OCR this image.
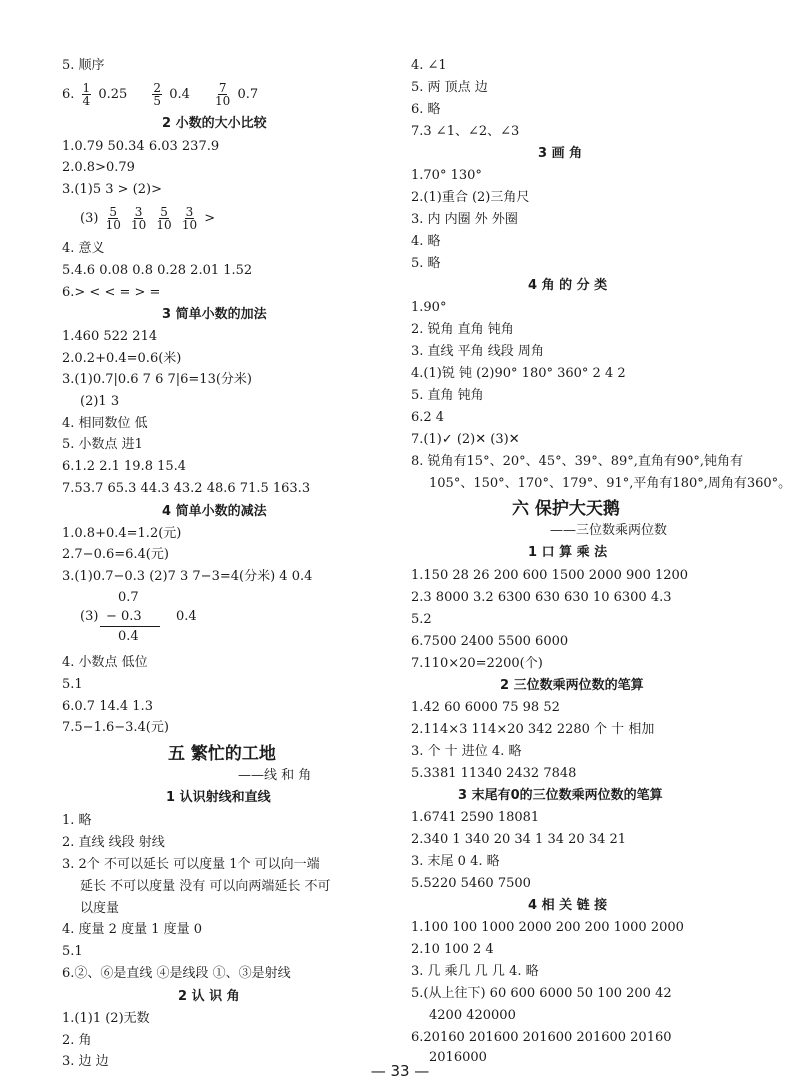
5. 顺序
6. $\frac{1}{4} 0.25 \frac{2}{5} 0.4 \frac{7}{10} 0.7$
2 小数的大小比较
1.0.79 50.34 6.03 237.9
2.0.8>0.79
3.(1)5 3 > (2)>
$(3) \frac{5}{10}$
$\frac{3}{10}$
$\frac{5}{10}$
$\frac{3}{10}$ >
4. 意义
5.4.6 0.08 0.8 0.28 2.01 1.52
6.> < < = > =
3 简单小数的加法
1.460 522 214
2.0.2+0.4=0.6(米)
3.(1)0.7|0.6 7 6 7|6=13(分米)
(2)1 3
4. 相同数位 低
5. 小数点 进1
6.1.2 2.1 19.8 15.4
7.53.7 65.3 44.3 43.2 48.6 71.5 163.3
4 简单小数的减法
1.0.8+0.4=1.2(元)
2.7−0.6=6.4(元)
3.(1)0.7−0.3 (2)7 3 7−3=4(分米) 4 0.4
0.7
(3) − 0.3	0.4
0.4
4. 小数点 低位
5.1
6.0.7 14.4 1.3
7.5−1.6−3.4(元)
五 繁忙的工地
——线 和 角
1 认识射线和直线
1. 略
2. 直线 线段 射线
3. 2个 不可以延长 可以度量 1个 可以向一端
延长 不可以度量 没有 可以向两端延长 不可
以度量
4. 度量 2 度量 1 度量 0
5.1
6.②、⑥是直线 ④是线段 ①、③是射线
2 认 识 角
1.(1)1 (2)无数
2. 角
3. 边 边
4. ∠1
5. 两 顶点 边
6. 略
7.3 ∠1、∠2、∠3
3 画 角
1.70° 130°
2.(1)重合 (2)三角尺
3. 内 内圈 外 外圈
4. 略
5. 略
4 角 的 分 类
1.90°
2. 锐角 直角 钝角
3. 直线 平角 线段 周角
4.(1)锐 钝 (2)90° 180° 360° 2 4 2
5. 直角 钝角
6.2 4
7.(1)✓ (2)✕ (3)✕
8. 锐角有15°、20°、45°、39°、89°,直角有90°,钝角有
105°、150°、170°、179°、91°,平角有180°,周角有360°。
六 保护大天鹅
——三位数乘两位数
1 口 算 乘 法
1.150 28 26 200 600 1500 2000 900 1200
2.3 8000 3.2 6300 630 630 10 6300 4.3
5.2
6.7500 2400 5500 6000
7.110×20=2200(个)
2 三位数乘两位数的笔算
1.42 60 6000 75 98 52
2.114×3 114×20 342 2280 个 十 相加
3. 个 十 进位 4. 略
5.3381 11340 2432 7848
3 末尾有0的三位数乘两位数的笔算
1.6741 2590 18081
2.340 1 340 20 34 1 34 20 34 21
3. 末尾 0 4. 略
5.5220 5460 7500
4 相 关 链 接
1.100 100 1000 2000 200 200 1000 2000
2.10 100 2 4
3. 几 乘几 几 几 4. 略
5.(从上往下) 60 600 6000 50 100 200 42
4200 420000
6.20160 201600 201600 201600 20160
2016000
— 33 —
